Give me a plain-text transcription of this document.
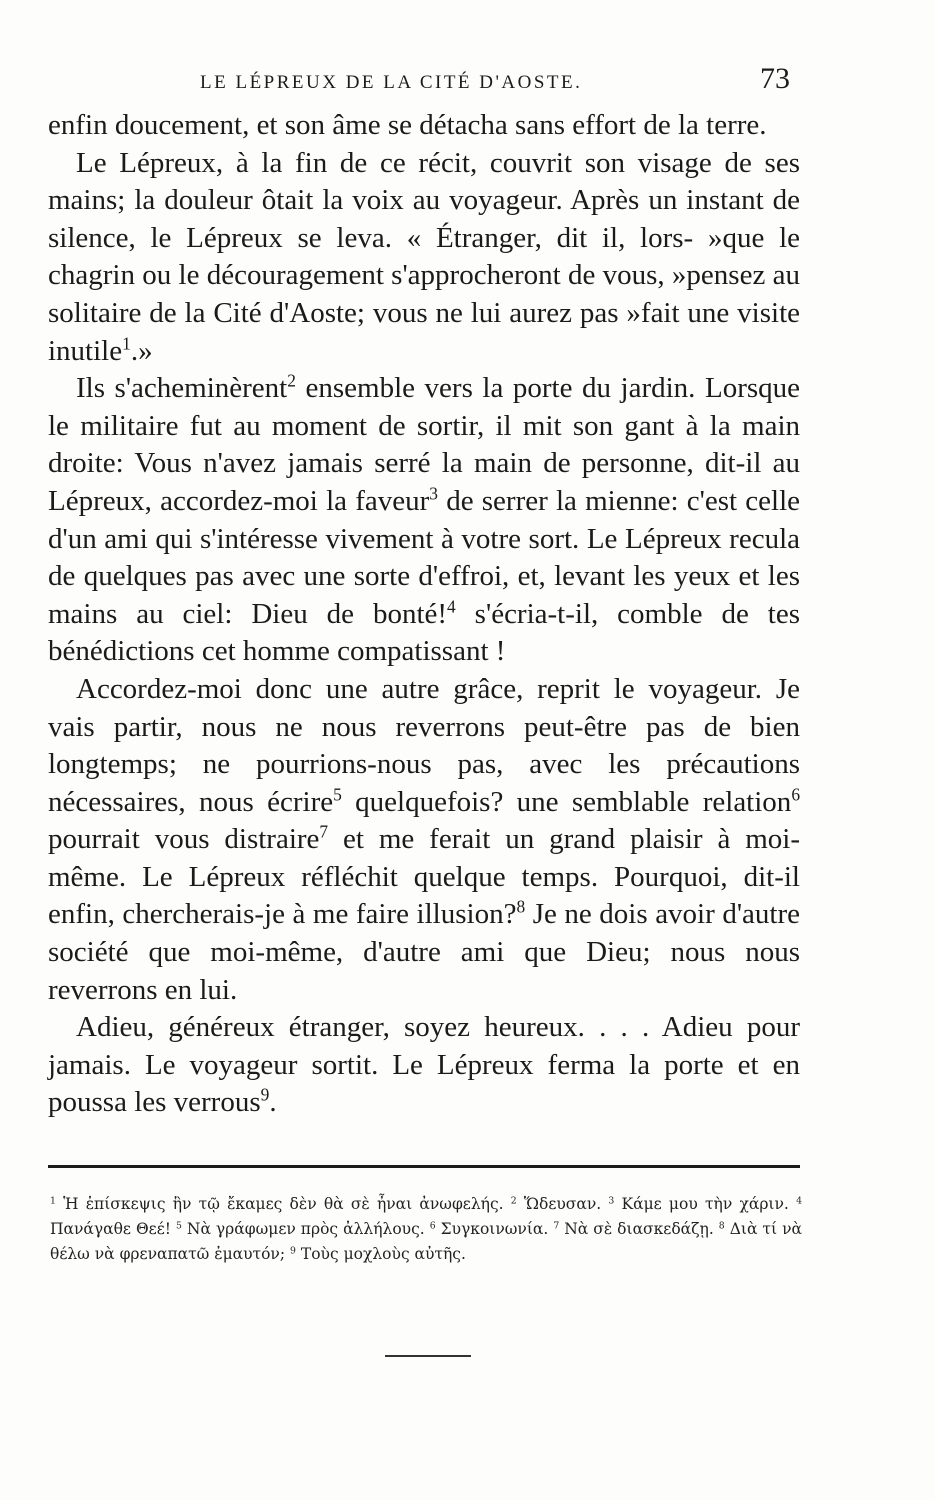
LE LÉPREUX DE LA CITÉ D'AOSTE.	73

enfin doucement, et son âme se détacha sans effort de la terre.

Le Lépreux, à la fin de ce récit, couvrit son visage de ses mains; la douleur ôtait la voix au voyageur. Après un instant de silence, le Lépreux se leva. « Étranger, dit il, lors- »que le chagrin ou le découragement s'approcheront de vous, »pensez au solitaire de la Cité d'Aoste; vous ne lui aurez pas »fait une visite inutile$^1$.»

Ils s'acheminèrent$^2$ ensemble vers la porte du jardin. Lorsque le militaire fut au moment de sortir, il mit son gant à la main droite: Vous n'avez jamais serré la main de personne, dit-il au Lépreux, accordez-moi la faveur$^3$ de serrer la mienne: c'est celle d'un ami qui s'intéresse vivement à votre sort. Le Lépreux recula de quelques pas avec une sorte d'effroi, et, levant les yeux et les mains au ciel: Dieu de bonté!$^4$ s'écria-t-il, comble de tes bénédictions cet homme compatissant !

Accordez-moi donc une autre grâce, reprit le voyageur. Je vais partir, nous ne nous reverrons peut-être pas de bien longtemps; ne pourrions-nous pas, avec les précautions nécessaires, nous écrire$^5$ quelquefois? une semblable relation$^6$ pourrait vous distraire$^7$ et me ferait un grand plaisir à moi-même. Le Lépreux réfléchit quelque temps. Pourquoi, dit-il enfin, chercherais-je à me faire illusion?$^8$ Je ne dois avoir d'autre société que moi-même, d'autre ami que Dieu; nous nous reverrons en lui.

Adieu, généreux étranger, soyez heureux. . . . Adieu pour jamais. Le voyageur sortit. Le Lépreux ferma la porte et en poussa les verrous$^9$.

$^1$ Ἡ ἐπίσκεψις ἣν τῷ ἔκαμες δὲν θὰ σὲ ἦναι ἀνωφελής. $^2$ Ὥδευσαν. $^3$ Κάμε μου τὴν χάριν. $^4$ Πανάγαθε Θεέ! $^5$ Νὰ γράφωμεν πρὸς ἀλλήλους. $^6$ Συγκοινωνία. $^7$ Νὰ σὲ διασκεδάζῃ. $^8$ Διὰ τί νὰ θέλω νὰ φρεναπατῶ ἐμαυτόν; $^9$ Τοὺς μοχλοὺς αὐτῆς.
